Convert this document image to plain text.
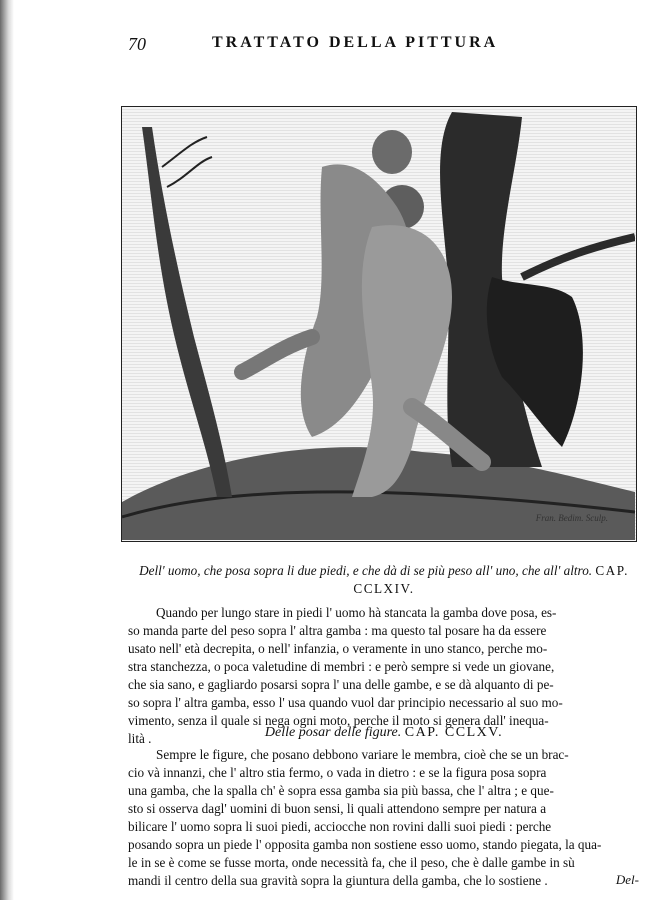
70	TRATTATO DELLA PITTURA
Fran. Bedim. Sculp.
Dell' uomo, che posa sopra li due piedi, e che dà di se più peso all' uno, che all' altro. CAP. CCLXIV.
Quando per lungo stare in piedi l' uomo hà stancata la gamba dove posa, es-
so manda parte del peso sopra l' altra gamba : ma questo tal posare ha da essere
usato nell' età decrepita, o nell' infanzia, o veramente in uno stanco, perche mo-
stra stanchezza, o poca valetudine di membri : e però sempre si vede un giovane,
che sia sano, e gagliardo posarsi sopra l' una delle gambe, e se dà alquanto di pe-
so sopra l' altra gamba, esso l' usa quando vuol dar principio necessario al suo mo-
vimento, senza il quale si nega ogni moto, perche il moto si genera dall' inequa-
lità .	Delle posar delle figure. CAP. CCLXV.
Sempre le figure, che posano debbono variare le membra, cioè che se un brac-
cio và innanzi, che l' altro stia fermo, o vada in dietro : e se la figura posa sopra
una gamba, che la spalla ch' è sopra essa gamba sia più bassa, che l' altra ; e que-
sto si osserva dagl' uomini di buon sensi, li quali attendono sempre per natura a
bilicare l' uomo sopra li suoi piedi, acciocche non rovini dalli suoi piedi : perche
posando sopra un piede l' opposita gamba non sostiene esso uomo, stando piegata, la qua-
le in se è come se fusse morta, onde necessità fa, che il peso, che è dalle gambe in sù
mandi il centro della sua gravità sopra la giuntura della gamba, che lo sostiene .	Del-
